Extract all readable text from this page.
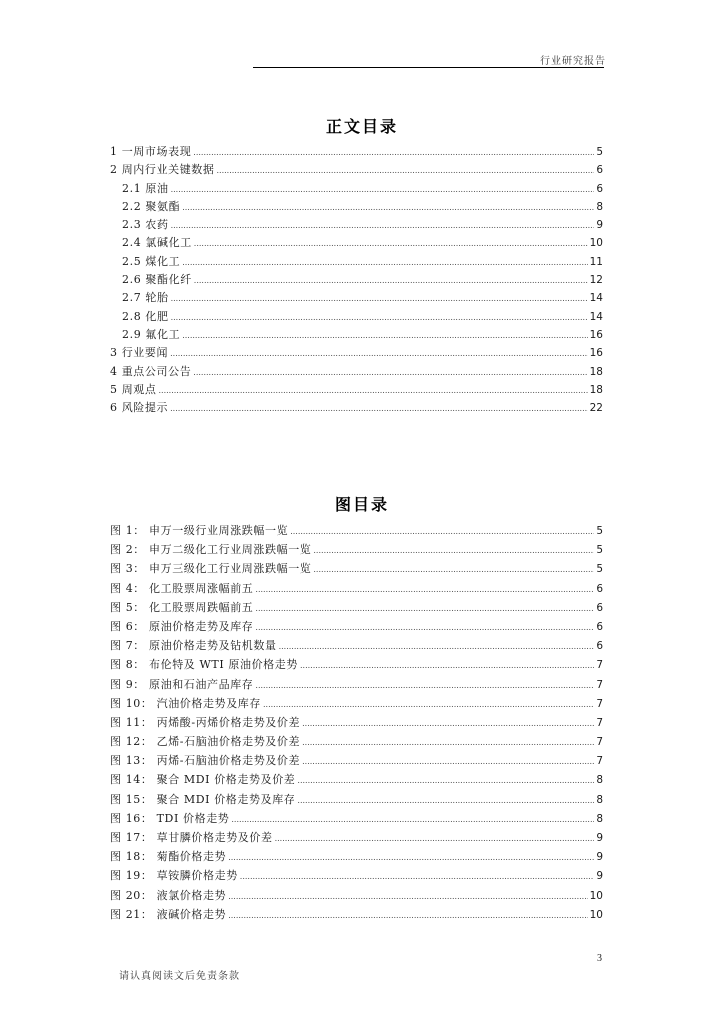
行业研究报告
正文目录
1 一周市场表现 .....	5
2 周内行业关键数据 .....	6
2.1 原油 .....	6
2.2 聚氨酯 .....	8
2.3 农药 .....	9
2.4 氯碱化工 .....	10
2.5 煤化工 .....	11
2.6 聚酯化纤 .....	12
2.7 轮胎 .....	14
2.8 化肥 .....	14
2.9 氟化工 .....	16
3 行业要闻 .....	16
4 重点公司公告 .....	18
5 周观点 .....	18
6 风险提示 .....	22
图目录
图 1： 申万一级行业周涨跌幅一览 .....	5
图 2： 申万二级化工行业周涨跌幅一览 .....	5
图 3： 申万三级化工行业周涨跌幅一览 .....	5
图 4： 化工股票周涨幅前五 .....	6
图 5： 化工股票周跌幅前五 .....	6
图 6： 原油价格走势及库存 .....	6
图 7： 原油价格走势及钻机数量 .....	6
图 8： 布伦特及 WTI 原油价格走势 .....	7
图 9： 原油和石油产品库存 .....	7
图 10： 汽油价格走势及库存 .....	7
图 11： 丙烯酸-丙烯价格走势及价差 .....	7
图 12： 乙烯-石脑油价格走势及价差 .....	7
图 13： 丙烯-石脑油价格走势及价差 .....	7
图 14： 聚合 MDI 价格走势及价差 .....	8
图 15： 聚合 MDI 价格走势及库存 .....	8
图 16： TDI 价格走势 .....	8
图 17： 草甘膦价格走势及价差 .....	9
图 18： 菊酯价格走势 .....	9
图 19： 草铵膦价格走势 .....	9
图 20： 液氯价格走势 .....	10
图 21： 液碱价格走势 .....	10
3
请认真阅读文后免责条款
